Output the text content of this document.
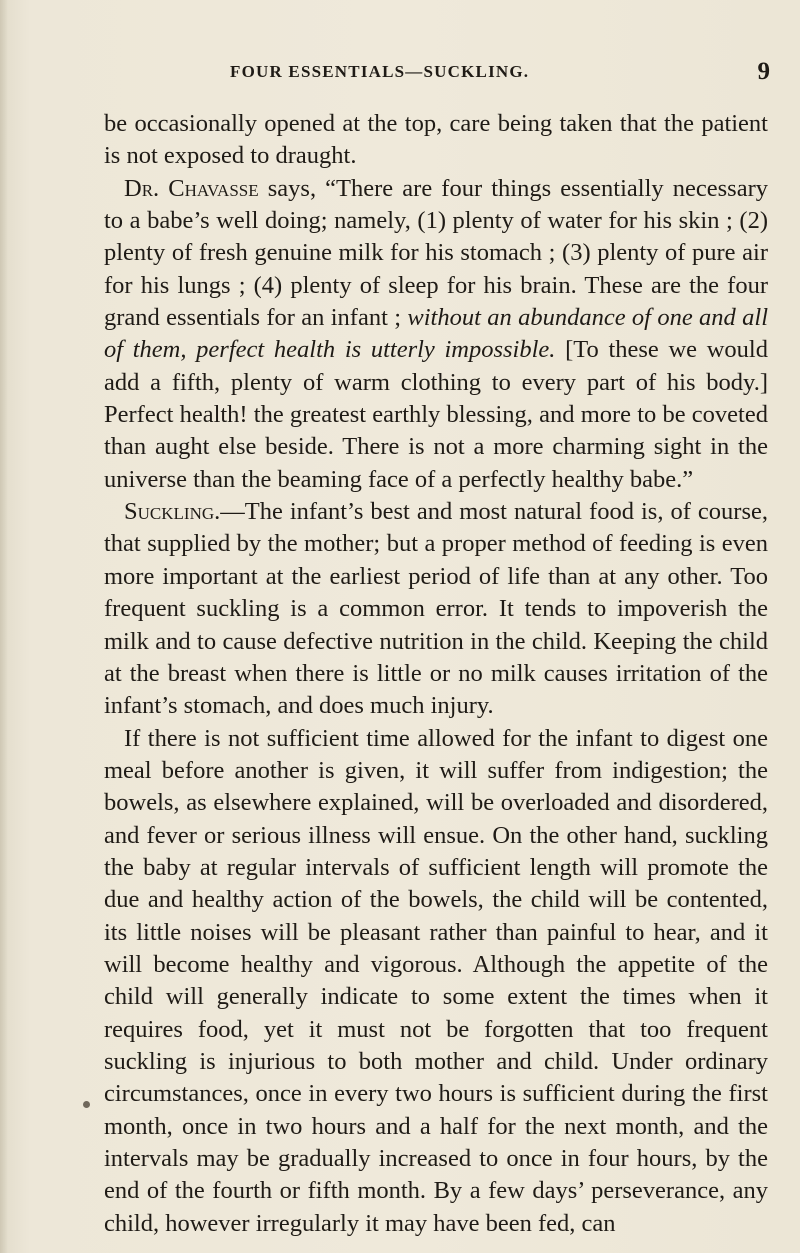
FOUR ESSENTIALS—SUCKLING.	9

be occasionally opened at the top, care being taken that the patient is not exposed to draught.

Dr. Chavasse says, “There are four things essentially necessary to a babe’s well doing; namely, (1) plenty of water for his skin ; (2) plenty of fresh genuine milk for his stomach ; (3) plenty of pure air for his lungs ; (4) plenty of sleep for his brain. These are the four grand essentials for an infant ; without an abundance of one and all of them, perfect health is utterly impossible. [To these we would add a fifth, plenty of warm clothing to every part of his body.] Perfect health! the greatest earthly blessing, and more to be coveted than aught else beside. There is not a more charming sight in the universe than the beaming face of a perfectly healthy babe.”

Suckling.—The infant’s best and most natural food is, of course, that supplied by the mother; but a proper method of feeding is even more important at the earliest period of life than at any other. Too frequent suckling is a common error. It tends to impoverish the milk and to cause defective nutrition in the child. Keeping the child at the breast when there is little or no milk causes irritation of the infant’s stomach, and does much injury.

If there is not sufficient time allowed for the infant to digest one meal before another is given, it will suffer from indigestion; the bowels, as elsewhere explained, will be overloaded and disordered, and fever or serious illness will ensue. On the other hand, suckling the baby at regular intervals of sufficient length will promote the due and healthy action of the bowels, the child will be contented, its little noises will be pleasant rather than painful to hear, and it will become healthy and vigorous. Although the appetite of the child will generally indicate to some extent the times when it requires food, yet it must not be forgotten that too frequent suckling is injurious to both mother and child. Under ordinary circumstances, once in every two hours is sufficient during the first month, once in two hours and a half for the next month, and the intervals may be gradually increased to once in four hours, by the end of the fourth or fifth month. By a few days’ perseverance, any child, however irregularly it may have been fed, can
